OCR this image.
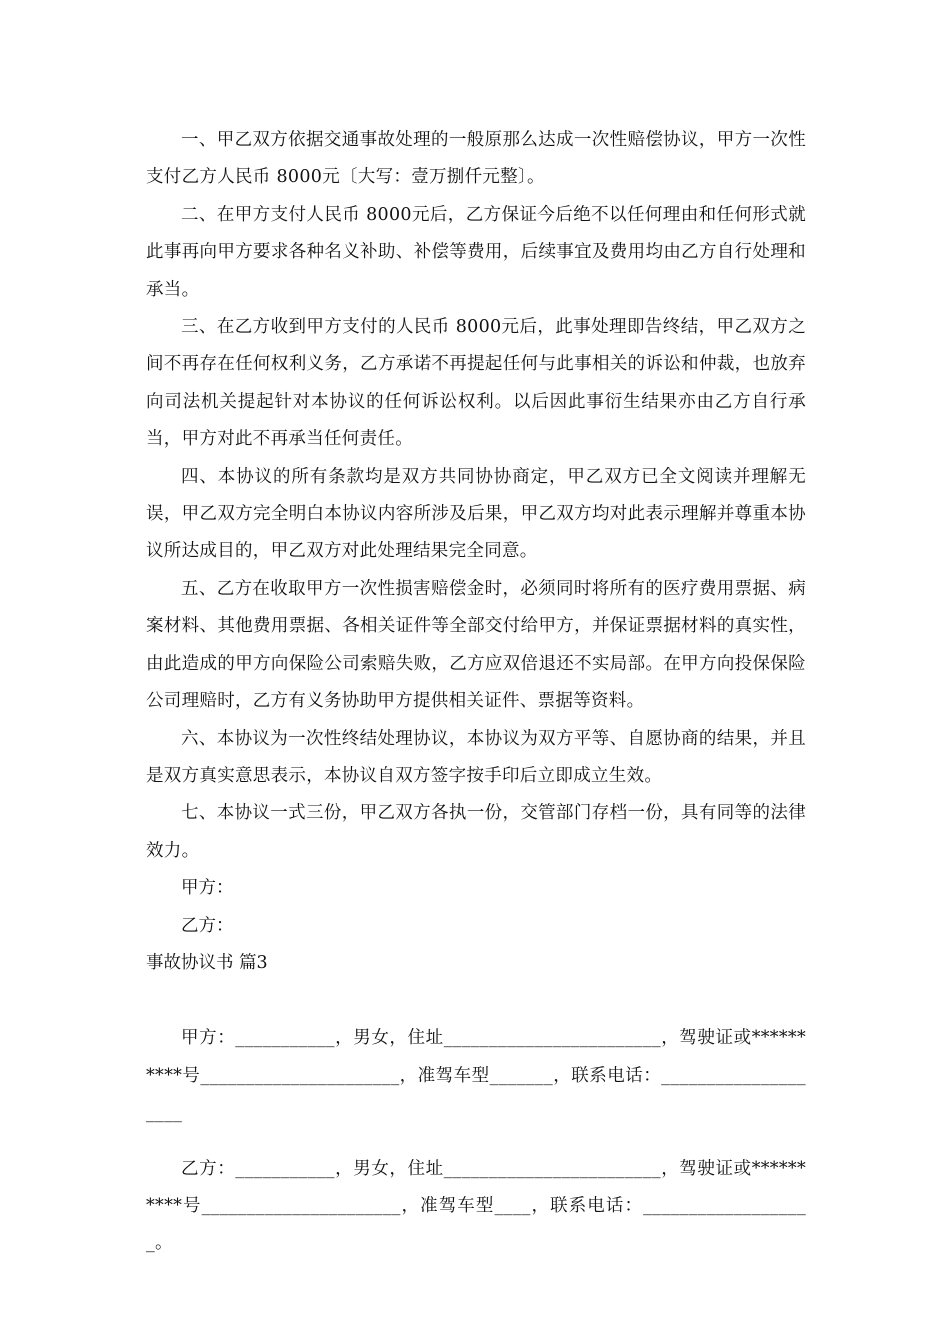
一、甲乙双方依据交通事故处理的一般原那么达成一次性赔偿协议，甲方一次性支付乙方人民币 8000元〔大写：壹万捌仟元整〕。

二、在甲方支付人民币 8000元后，乙方保证今后绝不以任何理由和任何形式就此事再向甲方要求各种名义补助、补偿等费用，后续事宜及费用均由乙方自行处理和承当。

三、在乙方收到甲方支付的人民币 8000元后，此事处理即告终结，甲乙双方之间不再存在任何权利义务，乙方承诺不再提起任何与此事相关的诉讼和仲裁，也放弃向司法机关提起针对本协议的任何诉讼权利。以后因此事衍生结果亦由乙方自行承当，甲方对此不再承当任何责任。

四、本协议的所有条款均是双方共同协协商定，甲乙双方已全文阅读并理解无误，甲乙双方完全明白本协议内容所涉及后果，甲乙双方均对此表示理解并尊重本协议所达成目的，甲乙双方对此处理结果完全同意。

五、乙方在收取甲方一次性损害赔偿金时，必须同时将所有的医疗费用票据、病案材料、其他费用票据、各相关证件等全部交付给甲方，并保证票据材料的真实性，由此造成的甲方向保险公司索赔失败，乙方应双倍退还不实局部。在甲方向投保保险公司理赔时，乙方有义务协助甲方提供相关证件、票据等资料。

六、本协议为一次性终结处理协议，本协议为双方平等、自愿协商的结果，并且是双方真实意思表示，本协议自双方签字按手印后立即成立生效。

七、本协议一式三份，甲乙双方各执一份，交管部门存档一份，具有同等的法律效力。

甲方：

乙方：

事故协议书 篇3

甲方：___________，男女，住址________________________，驾驶证或**********号______________________，准驾车型_______，联系电话：____________________

乙方：___________，男女，住址________________________，驾驶证或**********号______________________，准驾车型____，联系电话：___________________。
